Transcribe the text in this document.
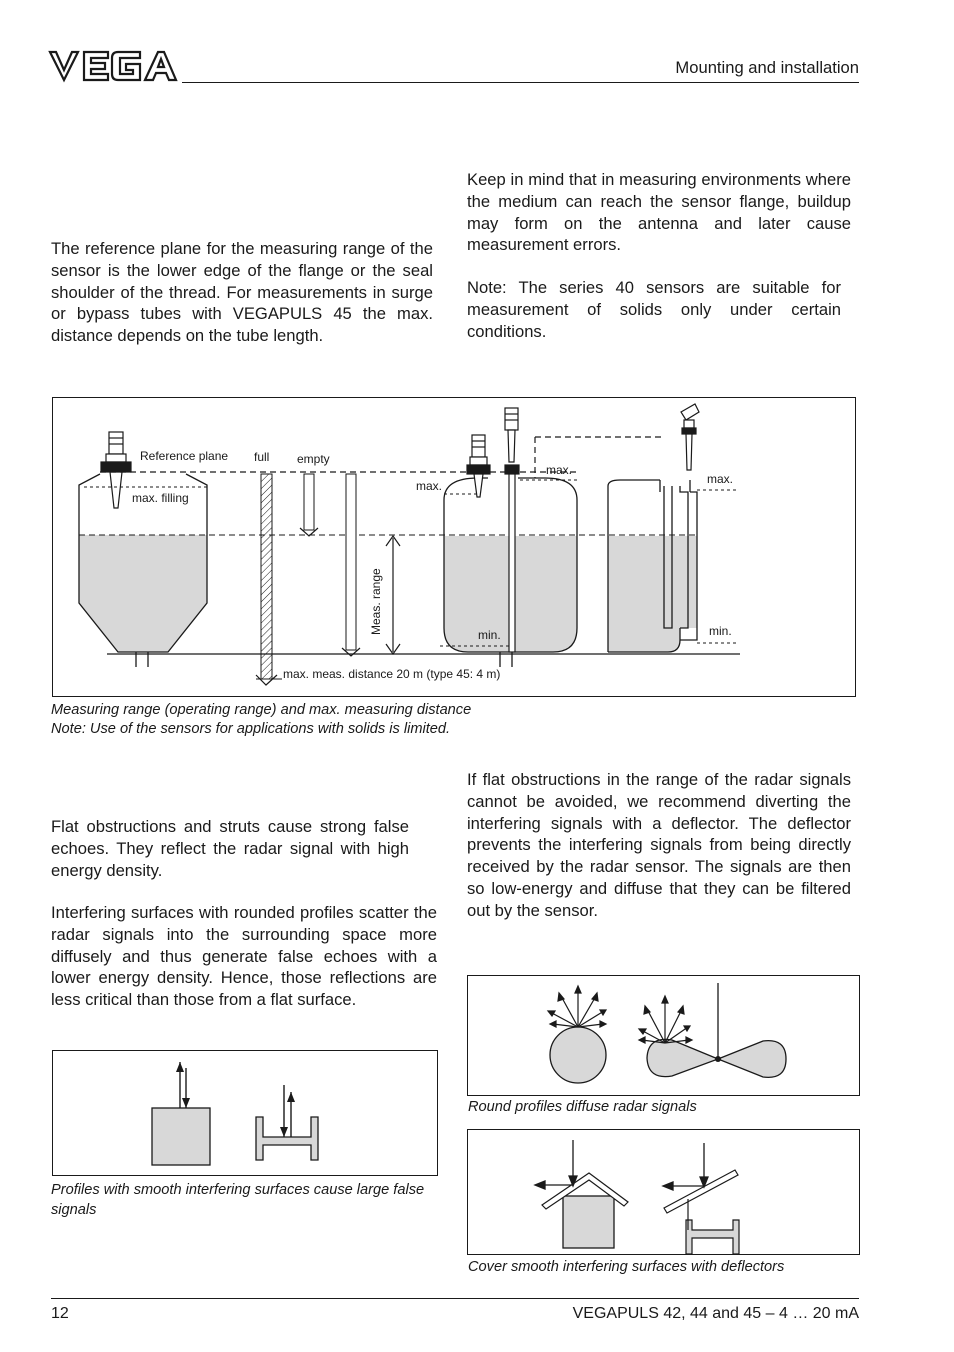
Mounting and installation
The reference plane for the measuring range of the sensor is the lower edge of the flange or the seal shoulder of the thread. For measurements in surge or bypass tubes with VEGAPULS 45 the max. distance depends on the tube length.
Keep in mind that in measuring environments where the medium can reach the sensor flange, buildup may form on the antenna and later cause measurement errors.
Note: The series 40 sensors are suitable for measurement of solids only under certain conditions.
Reference plane full empty
max. filling
Meas. range
max.
max.
max.
min.	min.
max. meas. distance 20 m (type 45: 4 m)
Measuring range (operating range) and max. measuring distance
Note: Use of the sensors for applications with solids is limited.
Flat obstructions and struts cause strong false echoes. They reflect the radar signal with high energy density.
Interfering surfaces with rounded profiles scatter the radar signals into the surrounding space more diffusely and thus generate false echoes with a lower energy density. Hence, those reflections are less critical than those from a flat surface.
If flat obstructions in the range of the radar signals cannot be avoided, we recommend diverting the interfering signals with a deflector. The deflector prevents the interfering signals from being directly received by the radar sensor. The signals are then so low-energy and diffuse that they can be filtered out by the sensor.
Profiles with smooth interfering surfaces cause large false signals
Round profiles diffuse radar signals
Cover smooth interfering surfaces with deflectors
12	VEGAPULS 42, 44 and 45 – 4 … 20 mA
